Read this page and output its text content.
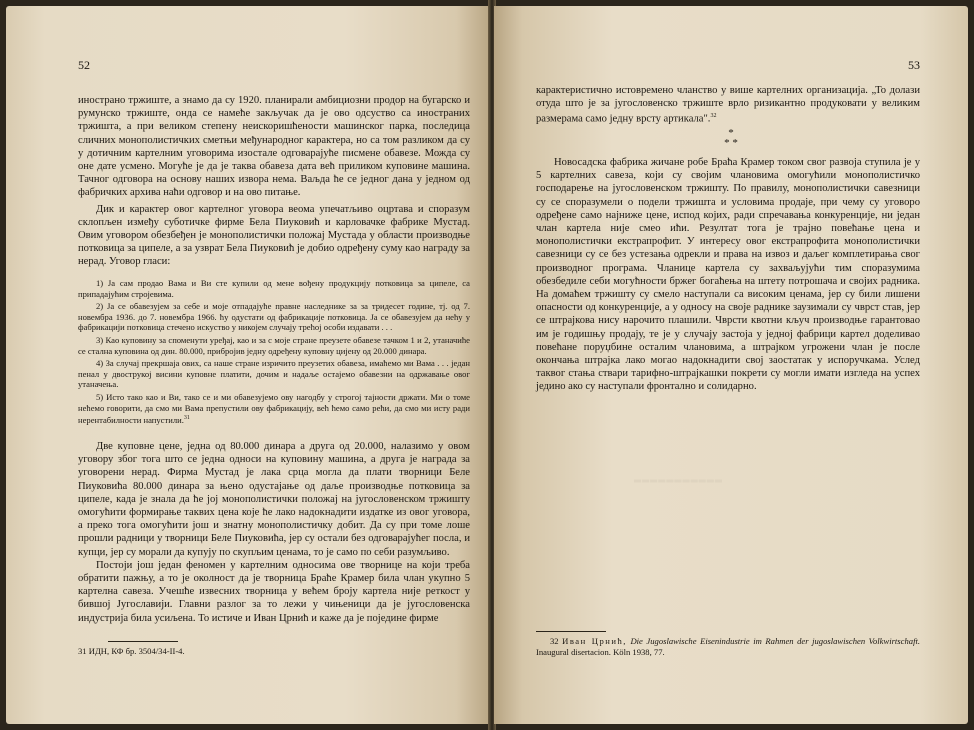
52

инострано тржиште, а знамо да су 1920. планирали амбициозни продор на бугарско и румунско тржиште, онда се намеће закључак да је ово одсуство са иностраних тржишта, а при великом степену неискоришћености машинског парка, последица сличних монополистичких сметњи међународног карактера, но са том разликом да су у дотичним картелним уговорима изостале одговарајуће писмене обавезе. Можда су оне дате усмено. Могуће је да је таква обавеза дата већ приликом куповине машина. Тачног одговора на основу наших извора нема. Ваљда ће се једног дана у једном од фабричких архива наћи одговор и на ово питање.

Дик и карактер овог картелног уговора веома упечатљиво оцртава и споразум склопљен између суботичке фирме Бела Пиуковић и карловачке фабрике Мустад. Овим уговором обезбеђен је монополистички положај Мустада у области производње потковица за ципеле, а за узврат Бела Пиуковић је добио одређену суму као награду за нерад. Уговор гласи:

1) Ја сам продао Вама и Ви сте купили од мене вођену продукцију потковица за ципеле, са припадајућим стројевима.

2) Ја се обавезујем за себе и моје отпадајуће правне наследнике за за тридесет године, тј. од 7. новембра 1936. до 7. новембра 1966. ћу одустати од фабрикације потковица. Ја се обавезујем да нећу у фабрикацији потковица стечено искуство у никојем случају трећој особи издавати . . .

3) Као куповину за споменути уређај, као и за с моје стране преузете обавезе тачком 1 и 2, утаначиће се стална куповина од дин. 80.000, прибројив једну одређену куповну цијену од 20.000 динара.

4) За случај прекршаја овиx, са наше стране изричито преузетих обавеза, имаћемо ми Вама . . . један пенал у двострукој висини куповне платити, дочим и надаље остајемо обавезни на одржавање овог утаначења.

5) Исто тако као и Ви, тако се и ми обавезујемо ову нагодбу у строгој тајности држати. Ми о томе нећемо говорити, да смо ми Вама препустили ову фабрикацију, већ ћемо само рећи, да смо ми исту ради нерентабилности напустили.$^{31}$

Две куповне цене, једна од 80.000 динара а друга од 20.000, налазимо у овом уговору због тога што се једна односи на куповину машина, а друга је награда за уговорени нерад. Фирма Мустад је лака срца могла да плати творници Беле Пиуковића 80.000 динара за њено одустајање од даље производње потковица за ципеле, када је знала да ће јој монополистички положај на југословенском тржишту омогућити формирање таквих цена које ће лако надокнадити издатке из овог уговора, а преко тога омогућити још и знатну монополистичку добит. Да су при томе лоше прошли радници у творници Беле Пиуковића, јер су остали без одговарајућег посла, и купци, јер су морали да купују по скупљим ценама, то је само по себи разумљиво.

Постоји још један феномен у картелним односима ове творнице на који треба обратити пажњу, а то је околност да је творница Браће Крамер била члан укупно 5 картелна савеза. Учешће извесних творница у већем броју картела није реткост у бившој Југославији. Главни разлог за то лежи у чињеници да је југословенска индустрија била усиљена. То истиче и Иван Црнић и каже да је поједине фирме

31 ИДН, КФ бр. 3504/34-II-4.
53

карактеристично истовремено чланство у више картелних организација. „То долази отуда што је за југословенско тржиште врло ризикантно продуковати у великим размерама само једну врсту артикала".$^{32}$

*
* *

Новосадска фабрика жичане робе Браћа Крамер током свог развоја ступила је у 5 картелних савеза, који су својим члановима омогућили монополистичко господарење на југословенском тржишту. По правилу, монополистички савезници су се споразумели о подели тржишта и условима продаје, при чему су уговоро одређене само најниже цене, испод којих, ради спречавања конкуренције, ни један члан картела није смео ићи. Резултат тога је трајно повећање цена и монополистички екстрапрофит. У интересу овог екстрапрофита монополистички савезници су се без устезања одрекли и права на извоз и даљег комплетирања свог производног програма. Чланице картела су захваљујући тим споразумима обезбедиле себи могућности бржег богаћења на штету потрошача и својих радника. На домаћем тржишту су смело наступали са високим ценама, јер су били лишени опасности од конкуренције, а у односу на своје раднике заузимали су чврст став, јер се штрајкова нису нарочито плашили. Чврсти квотни кључ производње гарантовао им је годишњу продају, те је у случају застоја у једној фабрици картел доделивао повећане поруџбине осталим члановима, а штрајком угрожени члан је после окончања штрајка лако могао надокнадити свој заостатак у испоручкама. Услед таквог стања ствари тарифно-штрајкашки покрети су могли имати изгледа на успех једино ако су наступали фронтално и солидарно.

═══════════
32 Иван Црнић, Die Jugoslawische Eisenindustrie im Rahmen der jugoslawischen Volkwirtschaft. Inaugural disertacion. Köln 1938, 77.
